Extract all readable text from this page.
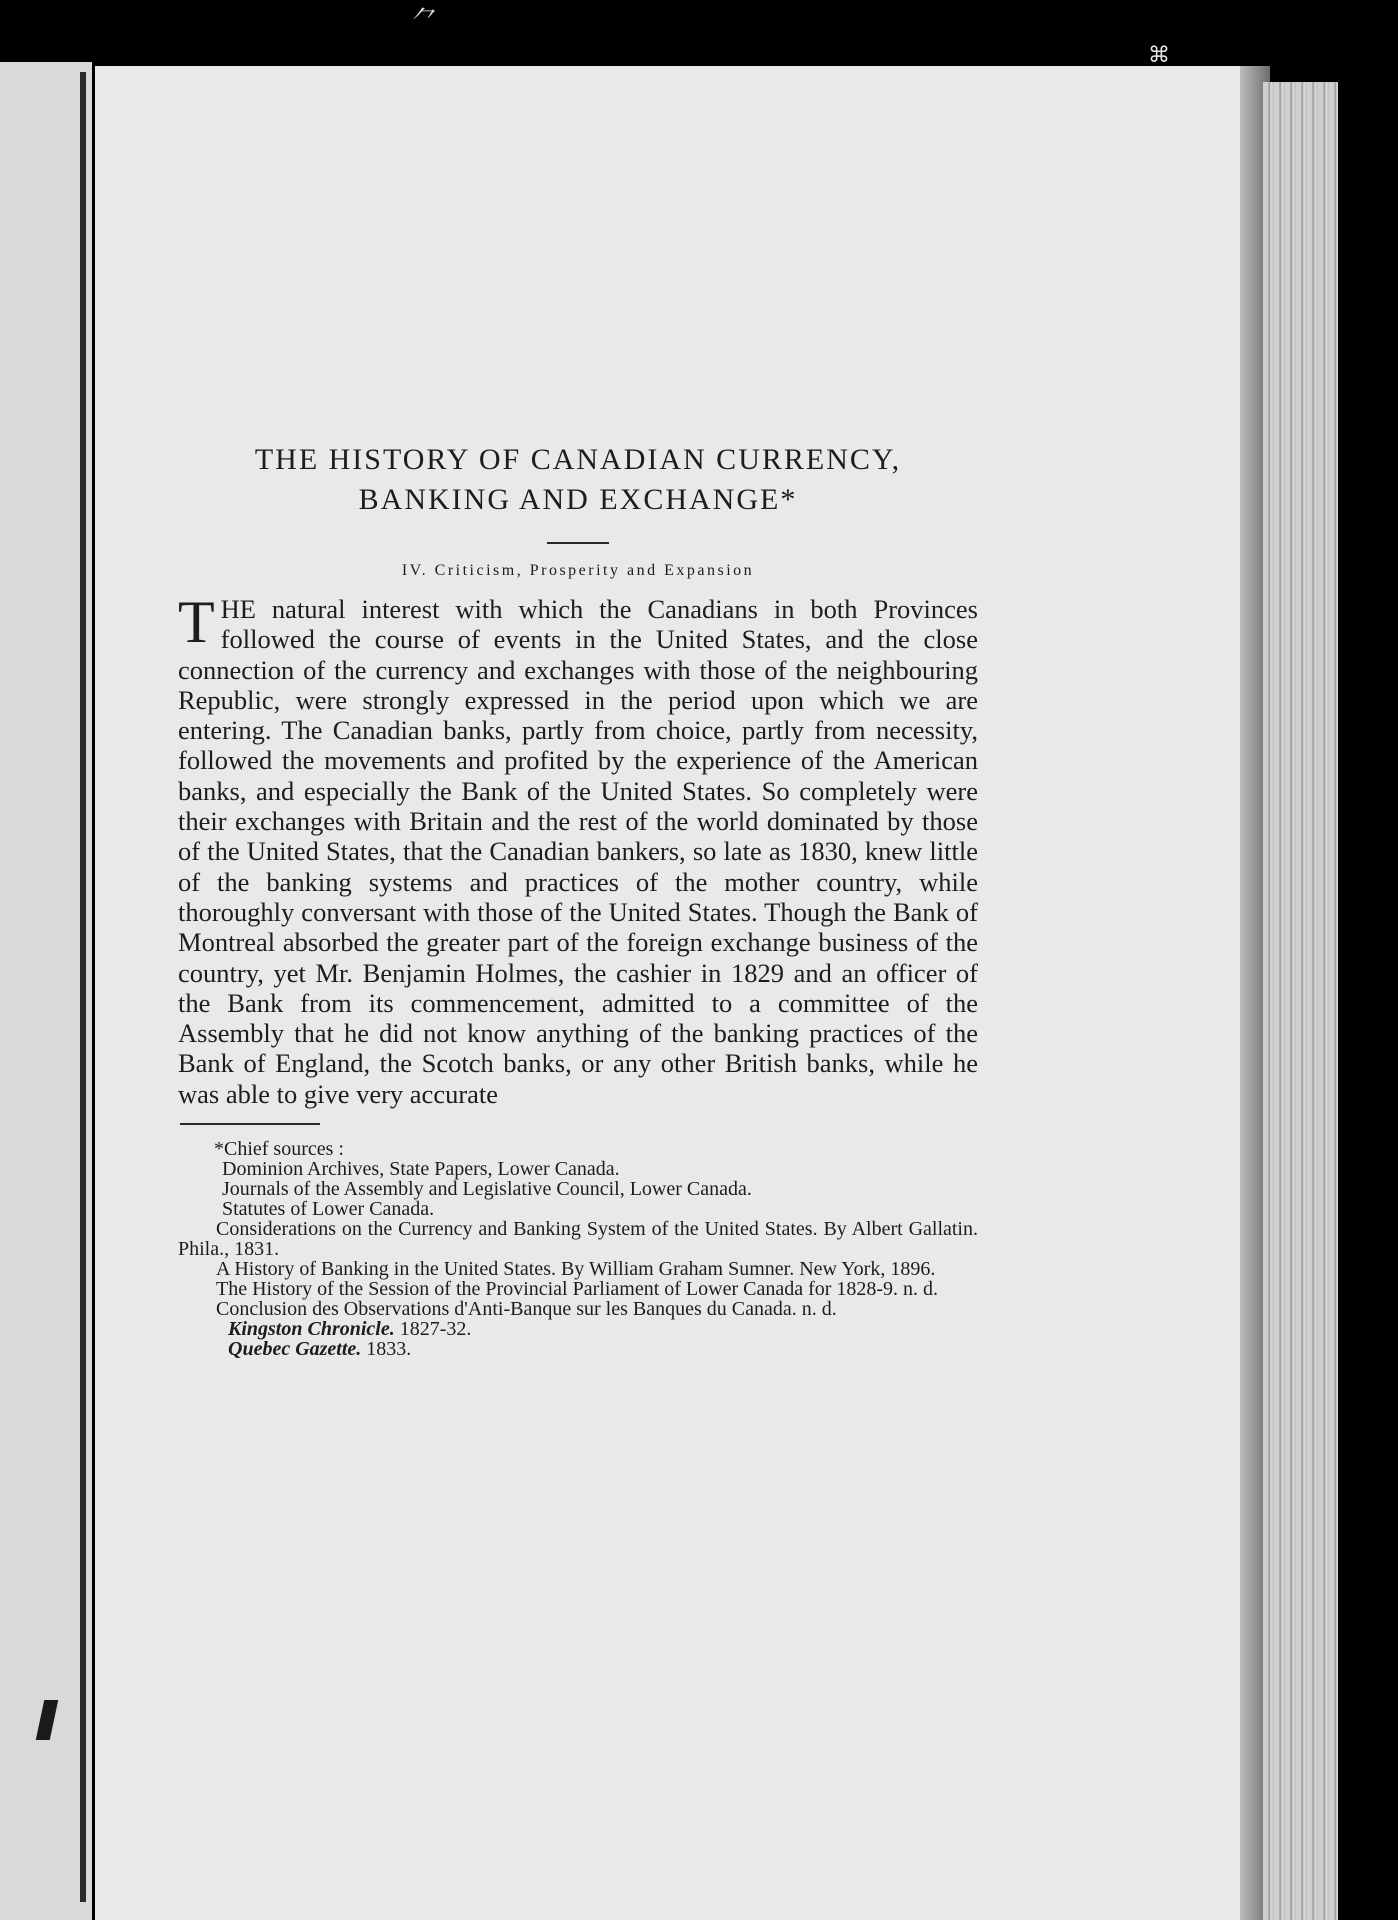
⺈
⌘
THE HISTORY OF CANADIAN CURRENCY,
BANKING AND EXCHANGE*

IV. Criticism, Prosperity and Expansion

THE natural interest with which the Canadians in both Provinces followed the course of events in the United States, and the close connection of the currency and exchanges with those of the neighbouring Republic, were strongly expressed in the period upon which we are entering. The Canadian banks, partly from choice, partly from necessity, followed the movements and profited by the experience of the American banks, and especially the Bank of the United States. So completely were their exchanges with Britain and the rest of the world dominated by those of the United States, that the Canadian bankers, so late as 1830, knew little of the banking systems and practices of the mother country, while thoroughly conversant with those of the United States. Though the Bank of Montreal absorbed the greater part of the foreign exchange business of the country, yet Mr. Benjamin Holmes, the cashier in 1829 and an officer of the Bank from its commencement, admitted to a committee of the Assembly that he did not know anything of the banking practices of the Bank of England, the Scotch banks, or any other British banks, while he was able to give very accurate

*Chief sources :

Dominion Archives, State Papers, Lower Canada.

Journals of the Assembly and Legislative Council, Lower Canada.

Statutes of Lower Canada.

Considerations on the Currency and Banking System of the United States. By Albert Gallatin. Phila., 1831.

A History of Banking in the United States. By William Graham Sumner. New York, 1896.

The History of the Session of the Provincial Parliament of Lower Canada for 1828-9. n. d.

Conclusion des Observations d'Anti-Banque sur les Banques du Canada. n. d.

Kingston Chronicle. 1827-32.

Quebec Gazette. 1833.
